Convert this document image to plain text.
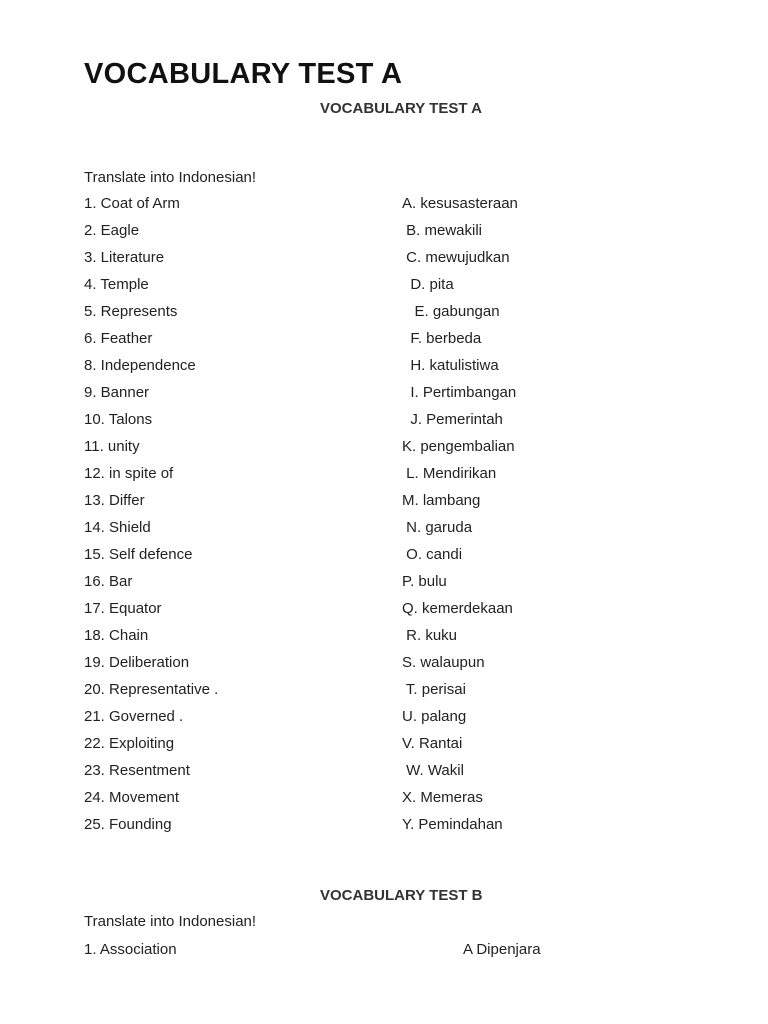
VOCABULARY TEST A
VOCABULARY TEST A
Translate into Indonesian!
1. Coat of Arm	A. kesusasteraan
2. Eagle	B. mewakili
3. Literature	C. mewujudkan
4. Temple	D. pita
5. Represents	E. gabungan
6. Feather	F. berbeda
8. Independence	H. katulistiwa
9. Banner	I. Pertimbangan
10. Talons	J. Pemerintah
11. unity	K. pengembalian
12. in spite of	L. Mendirikan
13. Differ	M. lambang
14. Shield	N. garuda
15. Self defence	O. candi
16. Bar	P. bulu
17. Equator	Q. kemerdekaan
18. Chain	R. kuku
19. Deliberation	S. walaupun
20. Representative .	T. perisai
21. Governed .	U. palang
22. Exploiting	V. Rantai
23. Resentment	W. Wakil
24. Movement	X. Memeras
25. Founding	Y. Pemindahan
VOCABULARY TEST B
Translate into Indonesian!
1. Association	A Dipenjara
